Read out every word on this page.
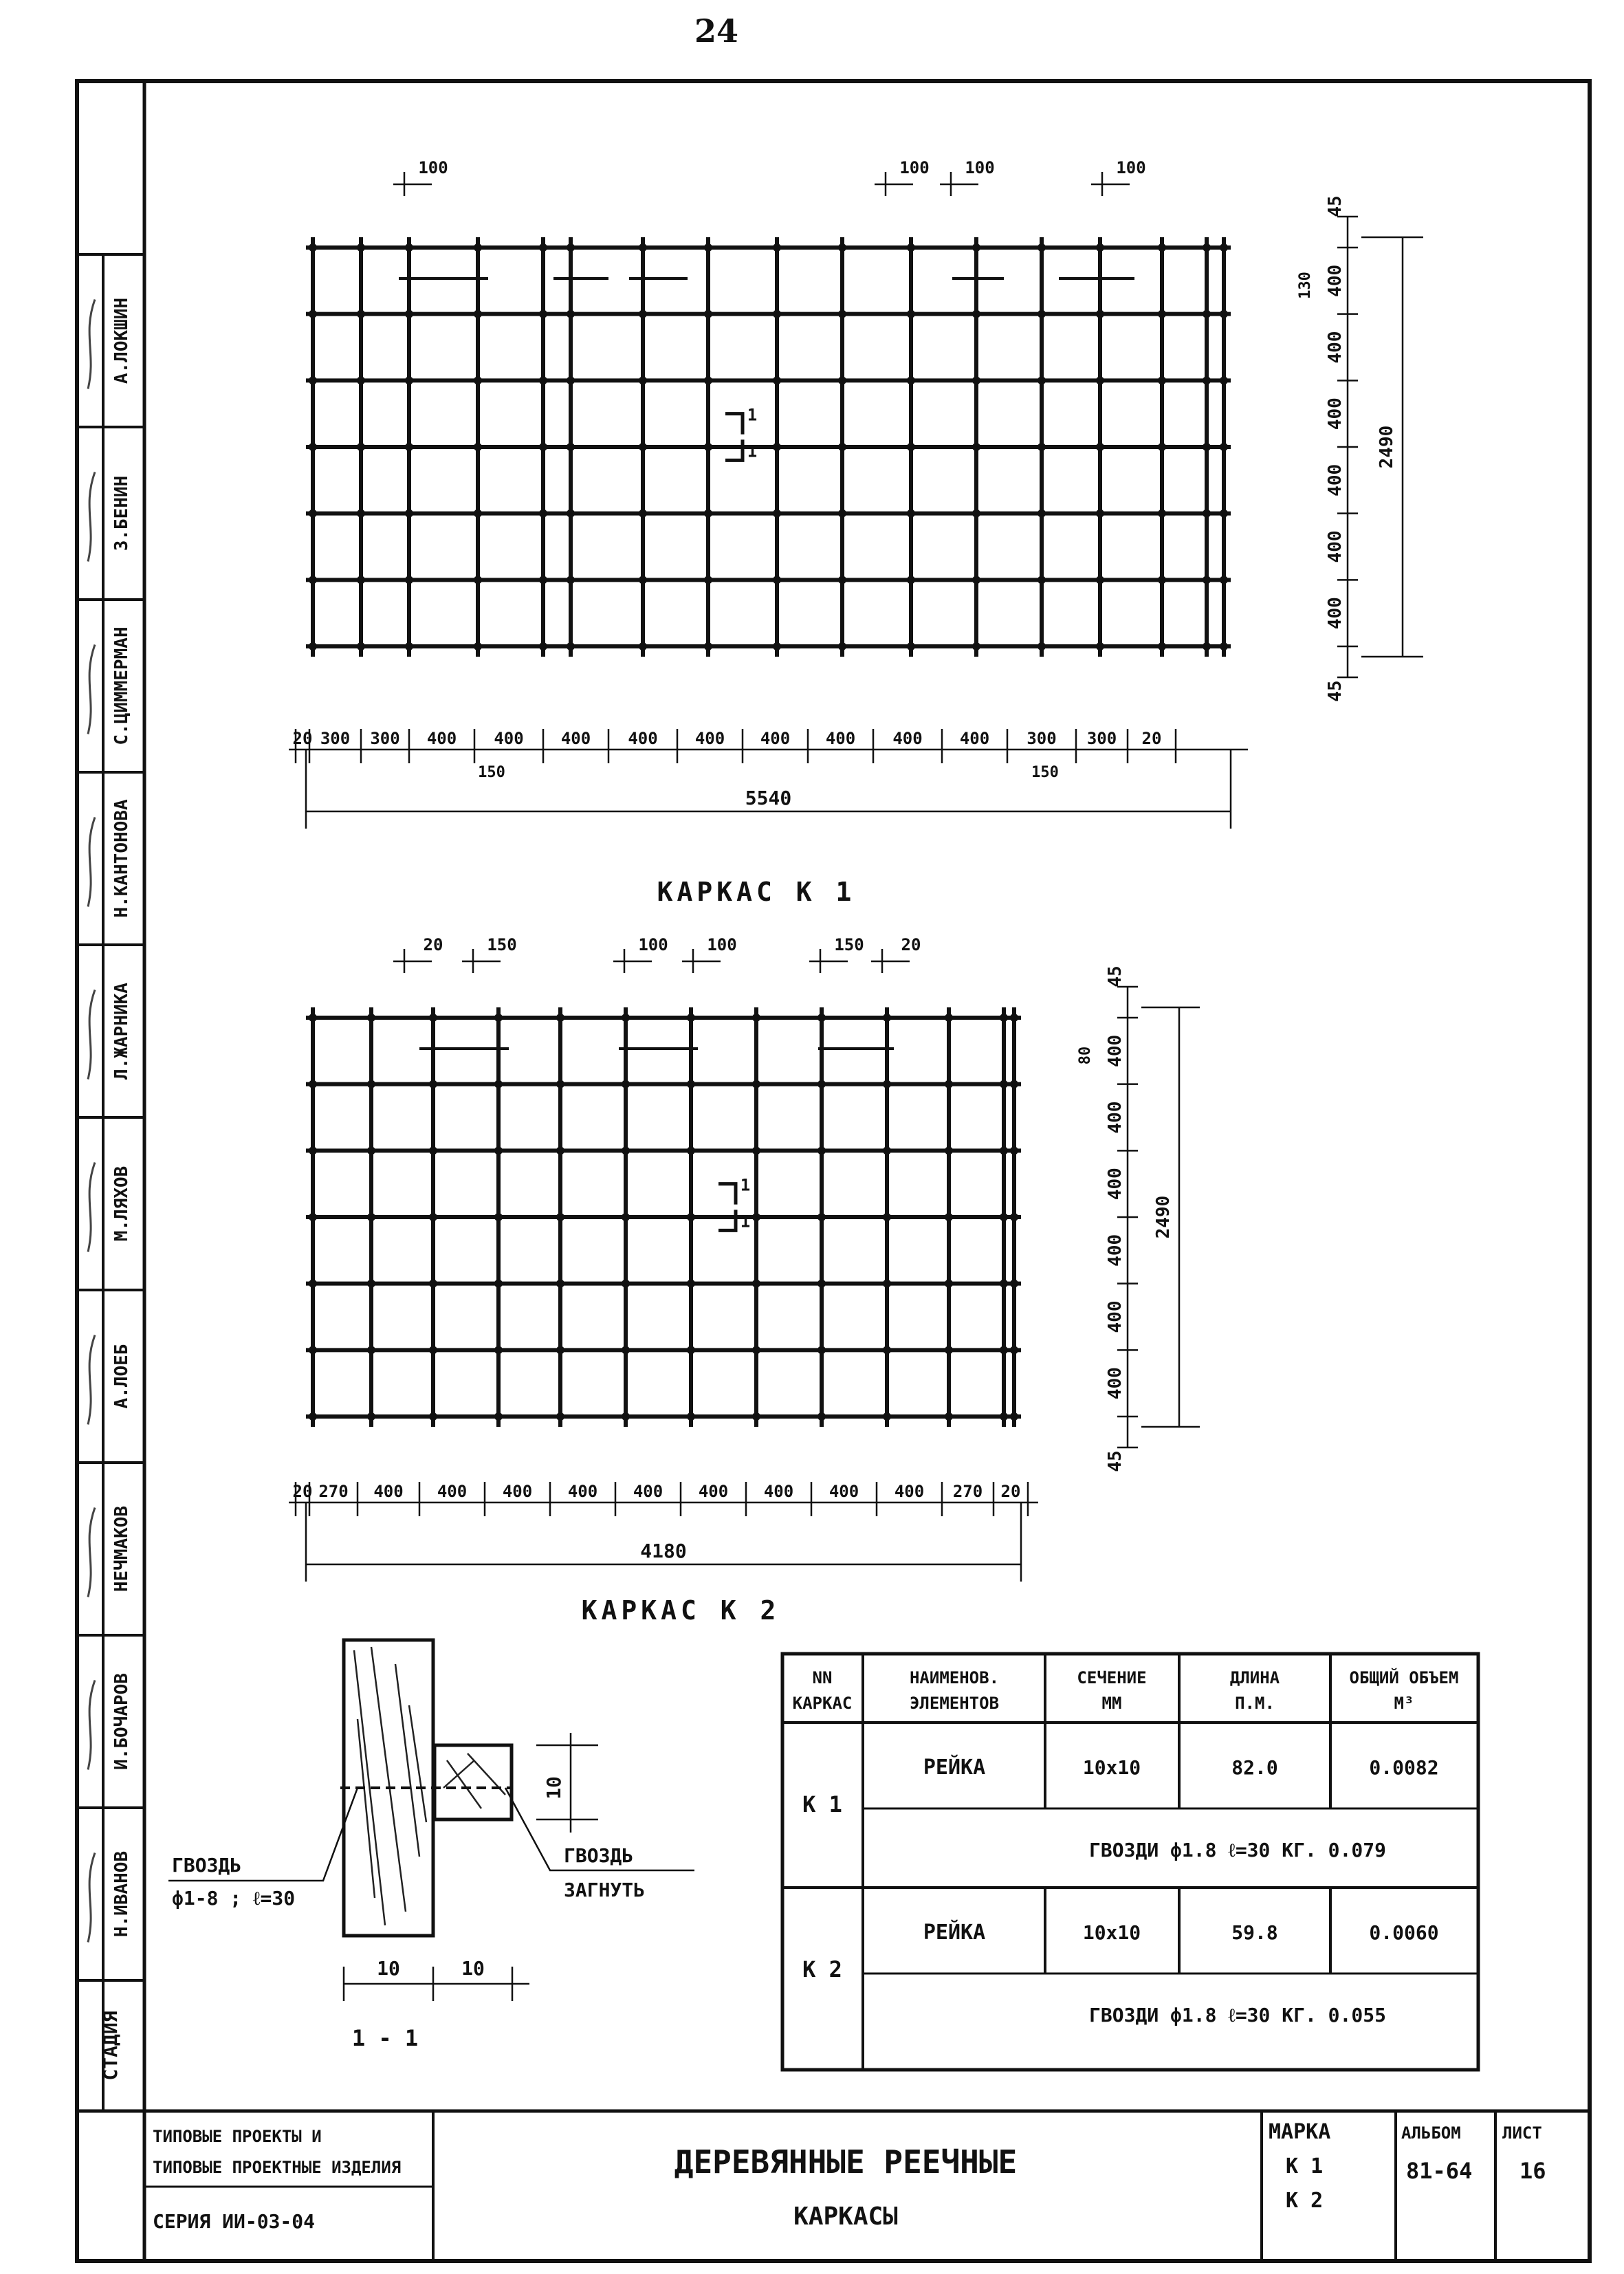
24
А.ЛОКШИН
З.БЕНИН
С.ЦИММЕРМАН
Н.КАНТОНОВА
Л.ЖАРНИКА
М.ЛЯХОВ
А.ЛОЕБ
НЕЧМАКОВ
И.БОЧАРОВ
Н.ИВАНОВ
СТАДИЯ
1
1
100	100 100	100
45
400
400
400
400
400
400
45
130
2490
20 300 300 400 400 400 400 400 400 400 400 400 300 300 20
150	150
5540
1
1
20	150	100 100	150 20
45
400
400
400
400
400
400
45
80
2490
20 270 400 400 400 400 400 400 400 400 400 270 20
4180
10
10	10
ГВОЗДЬ
ф1-8 ; ℓ=30
ГВОЗДЬ
ЗАГНУТЬ
1 - 1
NN
КАРКАС
НАИМЕНОВ.
ЭЛЕМЕНТОВ
СЕЧЕНИЕ
ММ
ДЛИНА
П.М.
ОБЩИЙ ОБЪЕМ
М³
К 1
РЕЙКА	10х10	82.0	0.0082
ГВОЗДИ ф1.8 ℓ=30 КГ. 0.079
К 2
РЕЙКА	10х10	59.8	0.0060
ГВОЗДИ ф1.8 ℓ=30 КГ. 0.055
ТИПОВЫЕ ПРОЕКТЫ И
ТИПОВЫЕ ПРОЕКТНЫЕ ИЗДЕЛИЯ
СЕРИЯ ИИ-03-04
ДЕРЕВЯННЫЕ РЕЕЧНЫЕ
КАРКАСЫ
МАРКА
К 1
К 2
АЛЬБОМ
81-64
ЛИСТ
16
КАРКАС К 1
КАРКАС К 2
